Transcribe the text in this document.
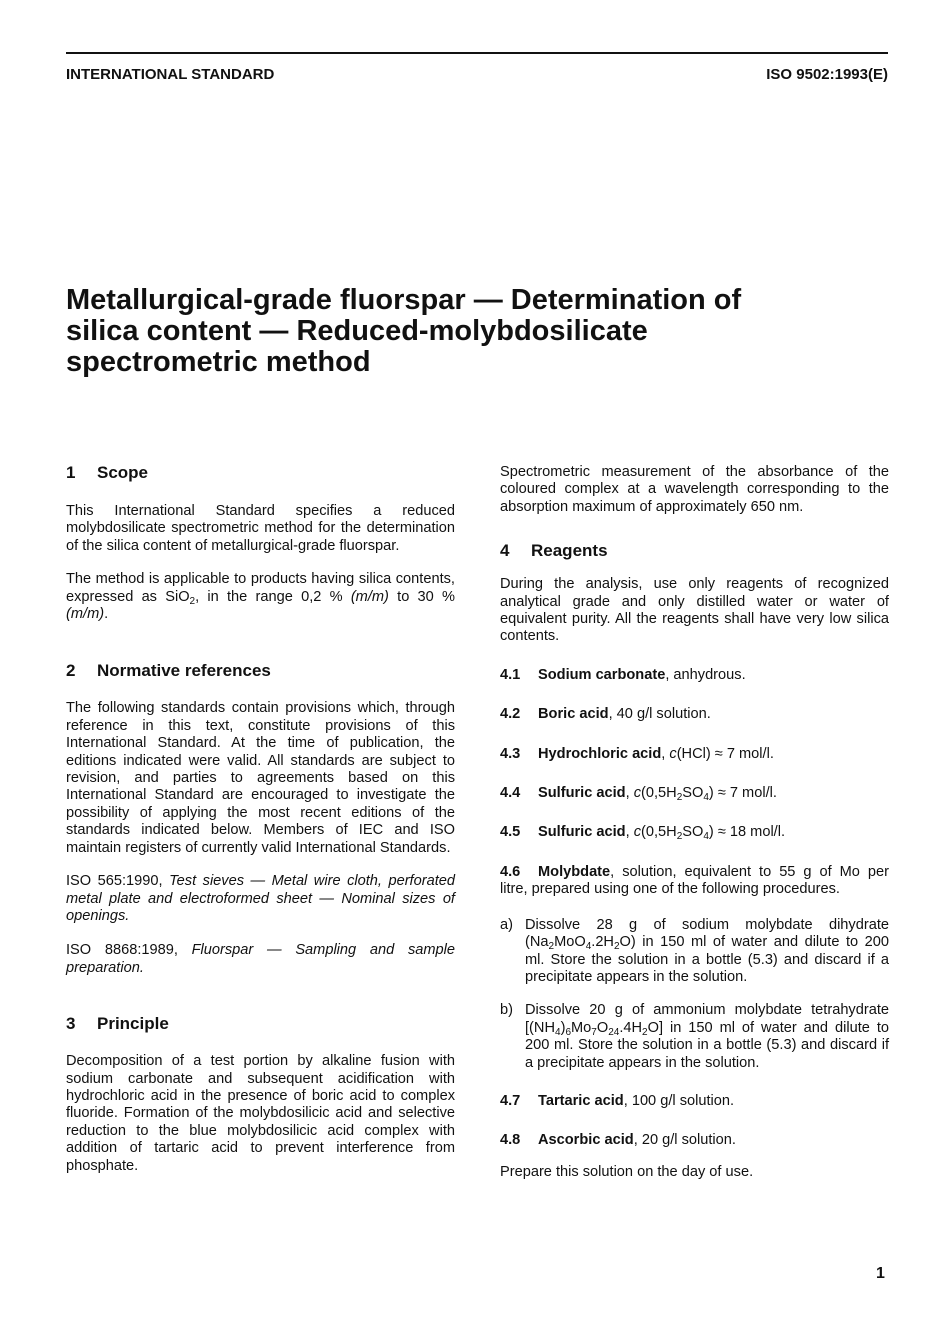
INTERNATIONAL STANDARD	ISO 9502:1993(E)
Metallurgical-grade fluorspar — Determination of
silica content — Reduced-molybdosilicate
spectrometric method
1 Scope

This International Standard specifies a reduced molybdosilicate spectrometric method for the determination of the silica content of metallurgical-grade fluorspar.

The method is applicable to products having silica contents, expressed as SiO$_2$, in the range 0,2 % (m/m) to 30 % (m/m).

2 Normative references

The following standards contain provisions which, through reference in this text, constitute provisions of this International Standard. At the time of publication, the editions indicated were valid. All standards are subject to revision, and parties to agreements based on this International Standard are encouraged to investigate the possibility of applying the most recent editions of the standards indicated below. Members of IEC and ISO maintain registers of currently valid International Standards.

ISO 565:1990, Test sieves — Metal wire cloth, perforated metal plate and electroformed sheet — Nominal sizes of openings.

ISO 8868:1989, Fluorspar — Sampling and sample preparation.

3 Principle

Decomposition of a test portion by alkaline fusion with sodium carbonate and subsequent acidification with hydrochloric acid in the presence of boric acid to complex fluoride. Formation of the molybdosilicic acid and selective reduction to the blue molybdosilicic acid complex with addition of tartaric acid to prevent interference from phosphate.

Spectrometric measurement of the absorbance of the coloured complex at a wavelength corresponding to the absorption maximum of approximately 650 nm.

4 Reagents

During the analysis, use only reagents of recognized analytical grade and only distilled water or water of equivalent purity. All the reagents shall have very low silica contents.

4.1 Sodium carbonate, anhydrous.

4.2 Boric acid, 40 g/l solution.

4.3 Hydrochloric acid, c(HCl) ≈ 7 mol/l.

4.4 Sulfuric acid, $c(0,5H_2SO_4) \approx 7$ mol/l.

4.5 Sulfuric acid, $c(0,5H_2SO_4) \approx 18$ mol/l.

4.6 Molybdate, solution, equivalent to 55 g of Mo per litre, prepared using one of the following procedures.

a) Dissolve 28 g of sodium molybdate dihydrate $(Na_2MoO_4.2H_2O)$ in 150 ml of water and dilute to 200 ml. Store the solution in a bottle (5.3) and discard if a precipitate appears in the solution.
b) Dissolve 20 g of ammonium molybdate tetrahydrate $[(NH_4)_6Mo_7O_{24}.4H_2O]$ in 150 ml of water and dilute to 200 ml. Store the solution in a bottle (5.3) and discard if a precipitate appears in the solution.

4.7 Tartaric acid, 100 g/l solution.

4.8 Ascorbic acid, 20 g/l solution.

Prepare this solution on the day of use.

1
